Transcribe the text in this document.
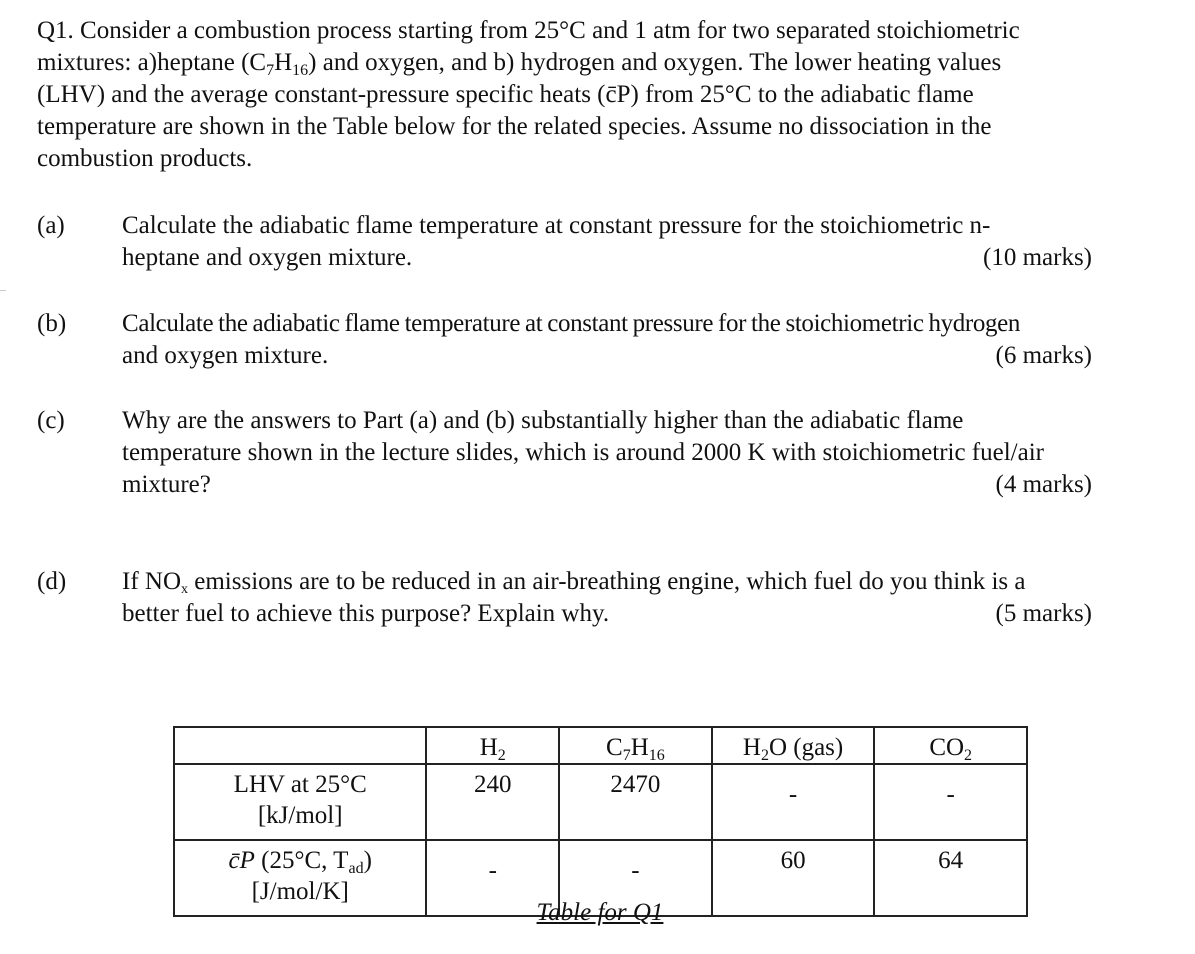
Q1. Consider a combustion process starting from 25°C and 1 atm for two separated stoichiometric
mixtures: a)heptane $(C_7H_{16})$ and oxygen, and b) hydrogen and oxygen. The lower heating values
(LHV) and the average constant-pressure specific heats (c̄P) from 25°C to the adiabatic flame
temperature are shown in the Table below for the related species. Assume no dissociation in the
combustion products.
(a) Calculate the adiabatic flame temperature at constant pressure for the stoichiometric n-
heptane and oxygen mixture.	(10 marks)
(b) Calculate the adiabatic flame temperature at constant pressure for the stoichiometric hydrogen
and oxygen mixture.	(6 marks)
(c) Why are the answers to Part (a) and (b) substantially higher than the adiabatic flame
temperature shown in the lecture slides, which is around 2000 K with stoichiometric fuel/air
mixture?	(4 marks)
(d) If NOx emissions are to be reduced in an air-breathing engine, which fuel do you think is a
better fuel to achieve this purpose? Explain why.	(5 marks)
	$H_2$	$C_7H_{16}$	$H_2O$ (gas)	$CO_2$

LHV at 25°C
[kJ/mol]	240	2470	-	-

c̄P (25°C, $T_{ad}$)
[J/mol/K]	-	-	60	64
Table for Q1
